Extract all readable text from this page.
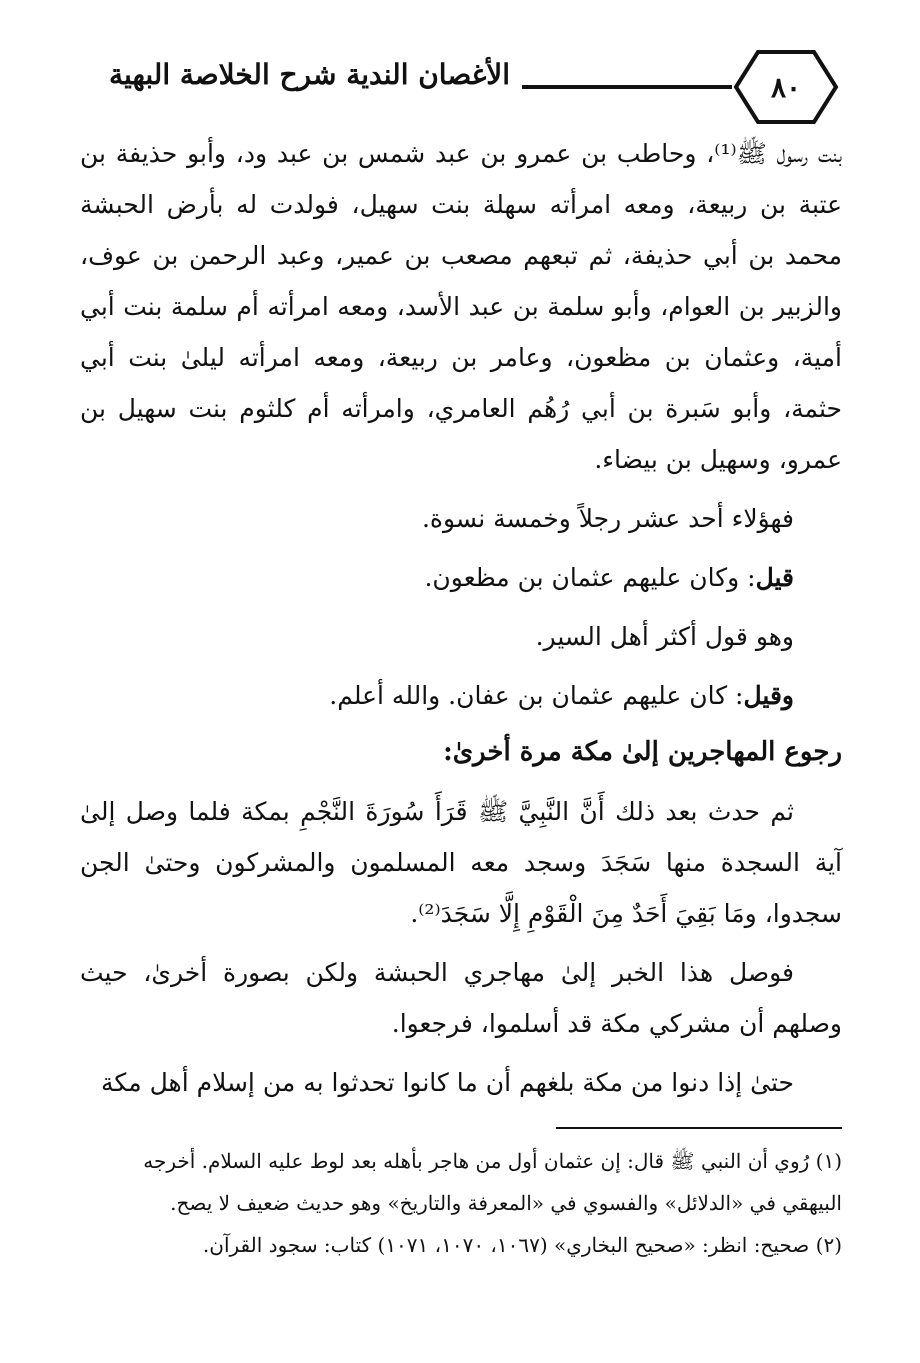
الأغصان الندية شرح الخلاصة البهية	٨٠

بنت رسول ﷺ⁽¹⁾، وحاطب بن عمرو بن عبد شمس بن عبد ود، وأبو حذيفة بن عتبة بن ربيعة، ومعه امرأته سهلة بنت سهيل، فولدت له بأرض الحبشة محمد بن أبي حذيفة، ثم تبعهم مصعب بن عمير، وعبد الرحمن بن عوف، والزبير بن العوام، وأبو سلمة بن عبد الأسد، ومعه امرأته أم سلمة بنت أبي أمية، وعثمان بن مظعون، وعامر بن ربيعة، ومعه امرأته ليلىٰ بنت أبي حثمة، وأبو سَبرة بن أبي رُهُم العامري، وامرأته أم كلثوم بنت سهيل بن عمرو، وسهيل بن بيضاء.

فهؤلاء أحد عشر رجلاً وخمسة نسوة.

قيل: وكان عليهم عثمان بن مظعون.

وهو قول أكثر أهل السير.

وقيل: كان عليهم عثمان بن عفان. والله أعلم.

رجوع المهاجرين إلىٰ مكة مرة أخرىٰ:

ثم حدث بعد ذلك أَنَّ النَّبِيَّ ﷺ قَرَأَ سُورَةَ النَّجْمِ بمكة فلما وصل إلىٰ آية السجدة منها سَجَدَ وسجد معه المسلمون والمشركون وحتىٰ الجن سجدوا، ومَا بَقِيَ أَحَدٌ مِنَ الْقَوْمِ إِلَّا سَجَدَ⁽²⁾.

فوصل هذا الخبر إلىٰ مهاجري الحبشة ولكن بصورة أخرىٰ، حيث وصلهم أن مشركي مكة قد أسلموا، فرجعوا.

حتىٰ إذا دنوا من مكة بلغهم أن ما كانوا تحدثوا به من إسلام أهل مكة

(١) رُوي أن النبي ﷺ قال: إن عثمان أول من هاجر بأهله بعد لوط عليه السلام. أخرجه البيهقي في «الدلائل» والفسوي في «المعرفة والتاريخ» وهو حديث ضعيف لا يصح.

(٢) صحيح: انظر: «صحيح البخاري» (١٠٦٧، ١٠٧٠، ١٠٧١) كتاب: سجود القرآن.
